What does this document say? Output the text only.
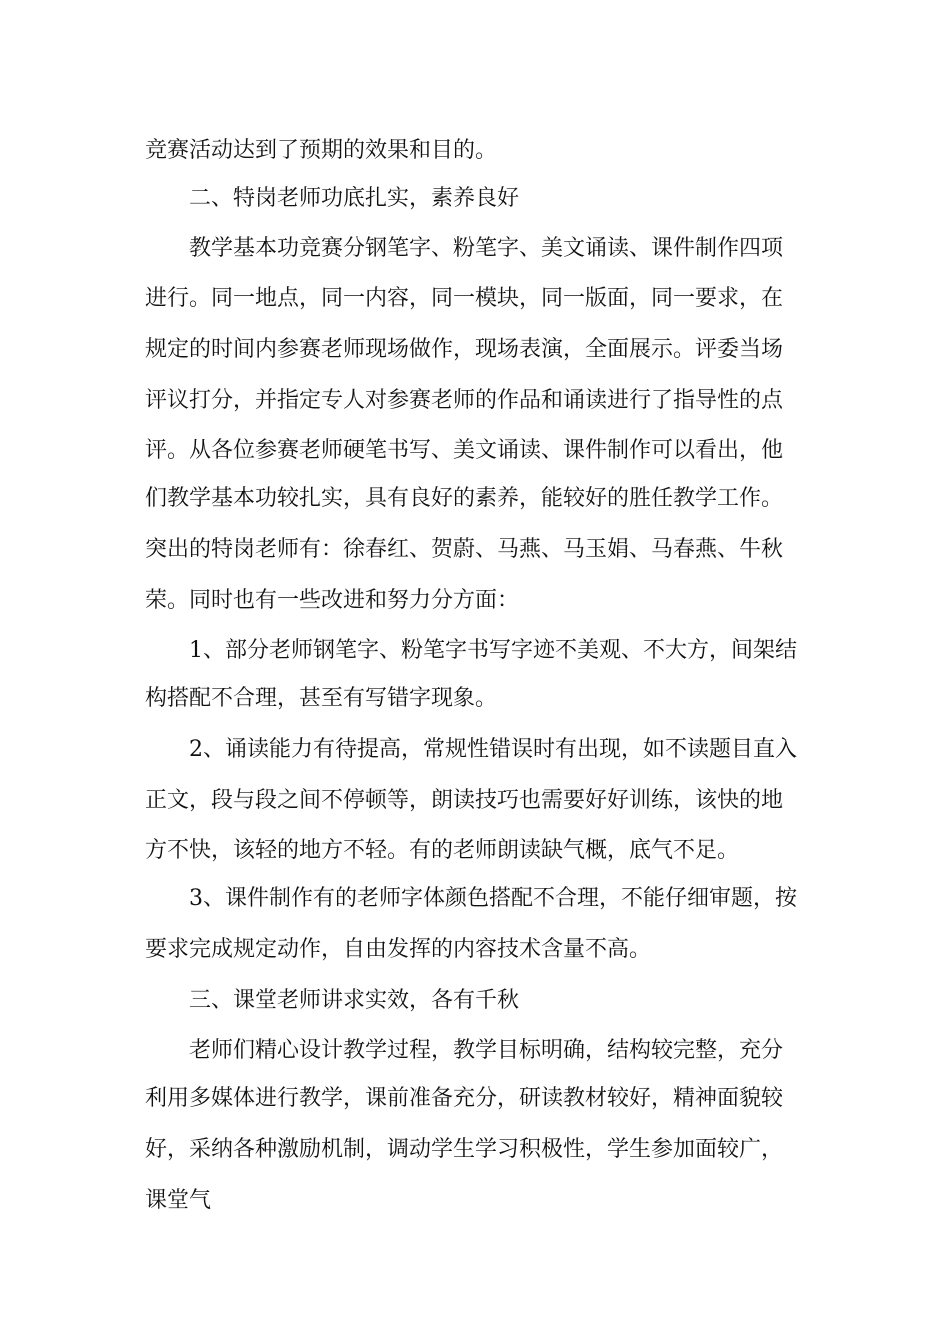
竞赛活动达到了预期的效果和目的。
二、特岗老师功底扎实，素养良好
教学基本功竞赛分钢笔字、粉笔字、美文诵读、课件制作四项
进行。同一地点，同一内容，同一模块，同一版面，同一要求，在
规定的时间内参赛老师现场做作，现场表演，全面展示。评委当场
评议打分，并指定专人对参赛老师的作品和诵读进行了指导性的点
评。从各位参赛老师硬笔书写、美文诵读、课件制作可以看出，他
们教学基本功较扎实，具有良好的素养，能较好的胜任教学工作。
突出的特岗老师有：徐春红、贺蔚、马燕、马玉娟、马春燕、牛秋
荣。同时也有一些改进和努力分方面：
1、部分老师钢笔字、粉笔字书写字迹不美观、不大方，间架结
构搭配不合理，甚至有写错字现象。
2、诵读能力有待提高，常规性错误时有出现，如不读题目直入
正文，段与段之间不停顿等，朗读技巧也需要好好训练，该快的地
方不快，该轻的地方不轻。有的老师朗读缺气概，底气不足。
3、课件制作有的老师字体颜色搭配不合理，不能仔细审题，按
要求完成规定动作，自由发挥的内容技术含量不高。
三、课堂老师讲求实效，各有千秋
老师们精心设计教学过程，教学目标明确，结构较完整，充分
利用多媒体进行教学，课前准备充分，研读教材较好，精神面貌较
好，采纳各种激励机制，调动学生学习积极性，学生参加面较广，
课堂气
